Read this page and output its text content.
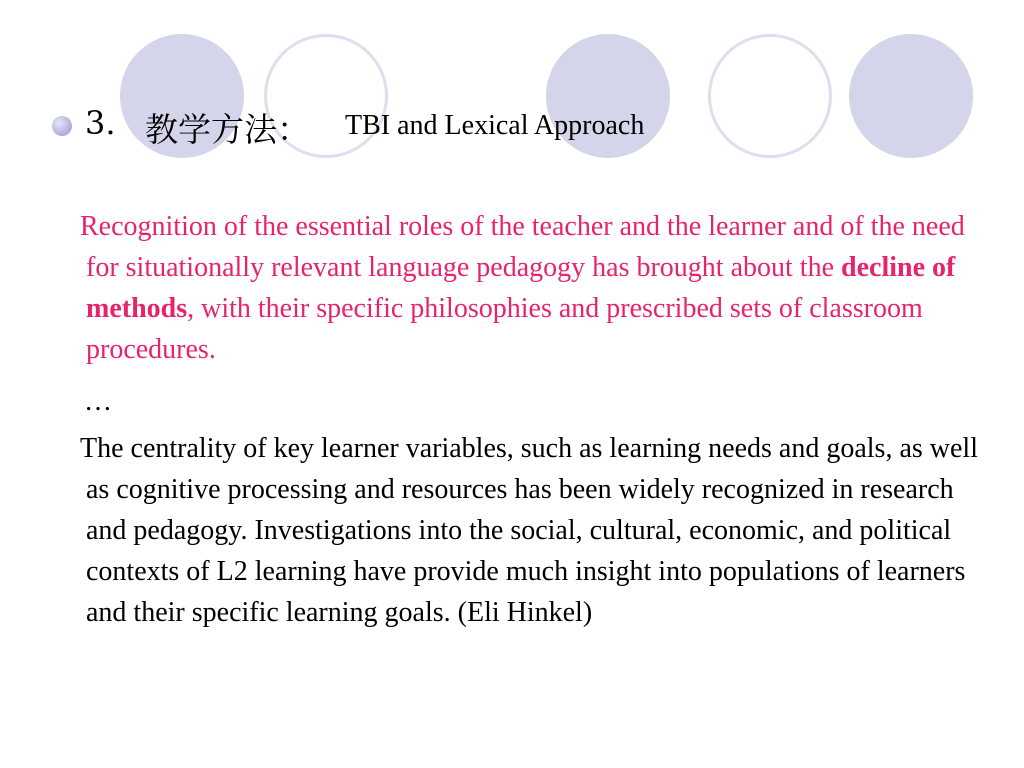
3. 教学方法： TBI and Lexical Approach

Recognition of the essential roles of the teacher and the learner and of the need for situationally relevant language pedagogy has brought about the decline of methods, with their specific philosophies and prescribed sets of classroom procedures.

…

The centrality of key learner variables, such as learning needs and goals, as well as cognitive processing and resources has been widely recognized in research and pedagogy. Investigations into the social, cultural, economic, and political contexts of L2 learning have provide much insight into populations of learners and their specific learning goals. (Eli Hinkel)
